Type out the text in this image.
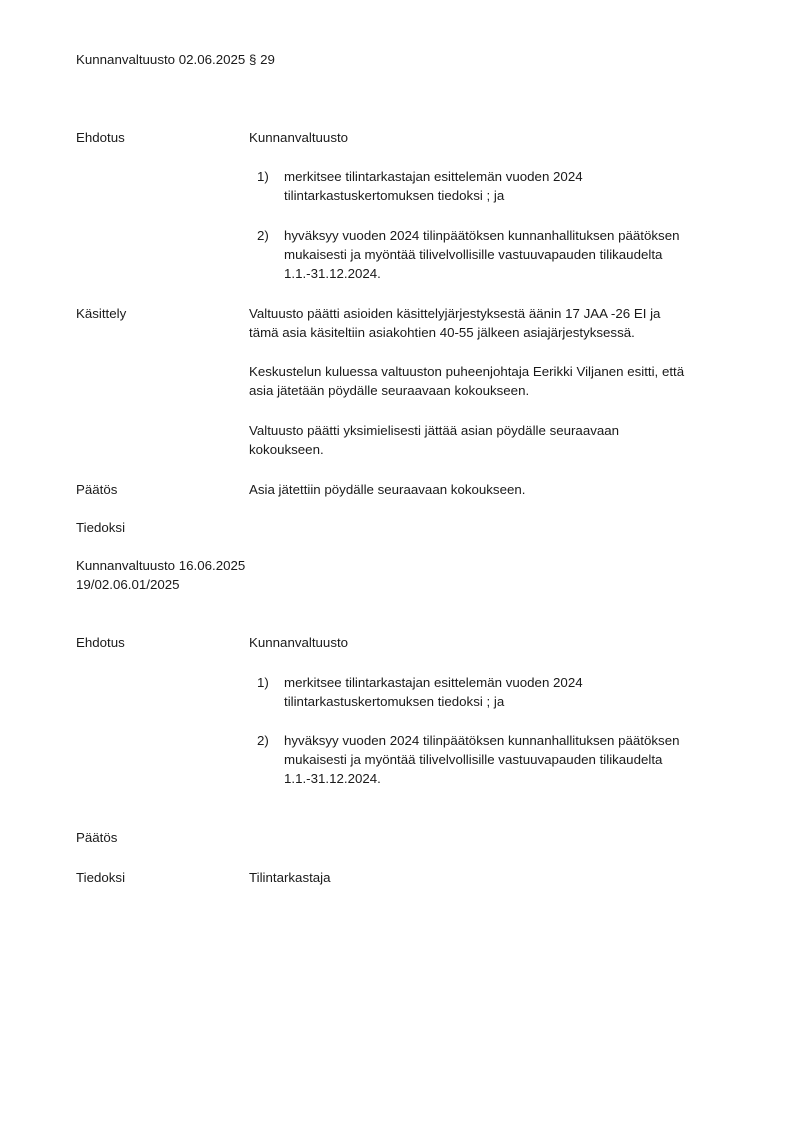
Kunnanvaltuusto 02.06.2025 § 29
Ehdotus	Kunnanvaltuusto
1) merkitsee tilintarkastajan esittelemän vuoden 2024
tilintarkastuskertomuksen tiedoksi ; ja
2) hyväksyy vuoden 2024 tilinpäätöksen kunnanhallituksen päätöksen
mukaisesti ja myöntää tilivelvollisille vastuuvapauden tilikaudelta
1.1.-31.12.2024.
Käsittely	Valtuusto päätti asioiden käsittelyjärjestyksestä äänin 17 JAA -26 EI ja
tämä asia käsiteltiin asiakohtien 40-55 jälkeen asiajärjestyksessä.
Keskustelun kuluessa valtuuston puheenjohtaja Eerikki Viljanen esitti, että
asia jätetään pöydälle seuraavaan kokoukseen.
Valtuusto päätti yksimielisesti jättää asian pöydälle seuraavaan
kokoukseen.
Päätös	Asia jätettiin pöydälle seuraavaan kokoukseen.
Tiedoksi
Kunnanvaltuusto 16.06.2025
19/02.06.01/2025
Ehdotus	Kunnanvaltuusto
1) merkitsee tilintarkastajan esittelemän vuoden 2024
tilintarkastuskertomuksen tiedoksi ; ja
2) hyväksyy vuoden 2024 tilinpäätöksen kunnanhallituksen päätöksen
mukaisesti ja myöntää tilivelvollisille vastuuvapauden tilikaudelta
1.1.-31.12.2024.
Päätös
Tiedoksi	Tilintarkastaja
